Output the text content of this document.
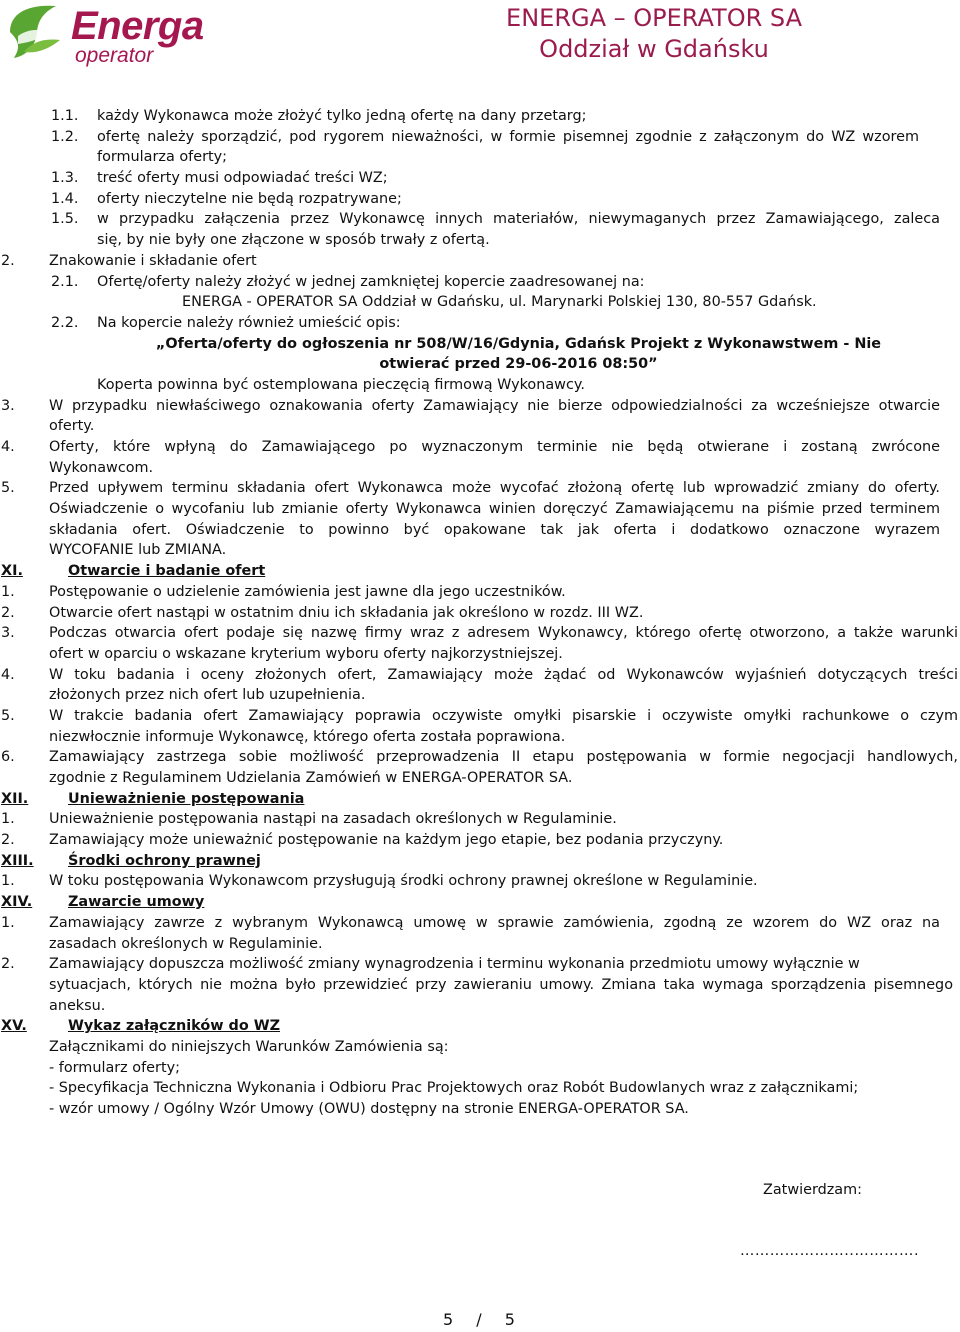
Energa
operator
ENERGA – OPERATOR SA
Oddział w Gdańsku
1.1. każdy Wykonawca może złożyć tylko jedną ofertę na dany przetarg;
1.2. ofertę należy sporządzić, pod rygorem nieważności, w formie pisemnej zgodnie z załączonym do WZ wzorem
formularza oferty;
1.3. treść oferty musi odpowiadać treści WZ;
1.4. oferty nieczytelne nie będą rozpatrywane;
1.5. w przypadku załączenia przez Wykonawcę innych materiałów, niewymaganych przez Zamawiającego, zaleca
się, by nie były one złączone w sposób trwały z ofertą.
2. Znakowanie i składanie ofert
2.1. Ofertę/oferty należy złożyć w jednej zamkniętej kopercie zaadresowanej na:
ENERGA - OPERATOR SA Oddział w Gdańsku, ul. Marynarki Polskiej 130, 80-557 Gdańsk.
2.2. Na kopercie należy również umieścić opis:
„Oferta/oferty do ogłoszenia nr 508/W/16/Gdynia, Gdańsk Projekt z Wykonawstwem - Nie
otwierać przed 29-06-2016 08:50”
Koperta powinna być ostemplowana pieczęcią firmową Wykonawcy.
3. W przypadku niewłaściwego oznakowania oferty Zamawiający nie bierze odpowiedzialności za wcześniejsze otwarcie
oferty.
4. Oferty, które wpłyną do Zamawiającego po wyznaczonym terminie nie będą otwierane i zostaną zwrócone
Wykonawcom.
5. Przed upływem terminu składania ofert Wykonawca może wycofać złożoną ofertę lub wprowadzić zmiany do oferty.
Oświadczenie o wycofaniu lub zmianie oferty Wykonawca winien doręczyć Zamawiającemu na piśmie przed terminem
składania ofert. Oświadczenie to powinno być opakowane tak jak oferta i dodatkowo oznaczone wyrazem
WYCOFANIE lub ZMIANA.
XI.	Otwarcie i badanie ofert
1. Postępowanie o udzielenie zamówienia jest jawne dla jego uczestników.
2. Otwarcie ofert nastąpi w ostatnim dniu ich składania jak określono w rozdz. III WZ.
3. Podczas otwarcia ofert podaje się nazwę firmy wraz z adresem Wykonawcy, którego ofertę otworzono, a także warunki
ofert w oparciu o wskazane kryterium wyboru oferty najkorzystniejszej.
4. W toku badania i oceny złożonych ofert, Zamawiający może żądać od Wykonawców wyjaśnień dotyczących treści
złożonych przez nich ofert lub uzupełnienia.
5. W trakcie badania ofert Zamawiający poprawia oczywiste omyłki pisarskie i oczywiste omyłki rachunkowe o czym
niezwłocznie informuje Wykonawcę, którego oferta została poprawiona.
6. Zamawiający zastrzega sobie możliwość przeprowadzenia II etapu postępowania w formie negocjacji handlowych,
zgodnie z Regulaminem Udzielania Zamówień w ENERGA-OPERATOR SA.
XII.	Unieważnienie postępowania
1. Unieważnienie postępowania nastąpi na zasadach określonych w Regulaminie.
2. Zamawiający może unieważnić postępowanie na każdym jego etapie, bez podania przyczyny.
XIII. Środki ochrony prawnej
1. W toku postępowania Wykonawcom przysługują środki ochrony prawnej określone w Regulaminie.
XIV. Zawarcie umowy
1. Zamawiający zawrze z wybranym Wykonawcą umowę w sprawie zamówienia, zgodną ze wzorem do WZ oraz na
zasadach określonych w Regulaminie.
2. Zamawiający dopuszcza możliwość zmiany wynagrodzenia i terminu wykonania przedmiotu umowy wyłącznie w
sytuacjach, których nie można było przewidzieć przy zawieraniu umowy. Zmiana taka wymaga sporządzenia pisemnego
aneksu.
XV.	Wykaz załączników do WZ
Załącznikami do niniejszych Warunków Zamówienia są:
- formularz oferty;
- Specyfikacja Techniczna Wykonania i Odbioru Prac Projektowych oraz Robót Budowlanych wraz z załącznikami;
- wzór umowy / Ogólny Wzór Umowy (OWU) dostępny na stronie ENERGA-OPERATOR SA.
Zatwierdzam:
…………………..………….
5 / 5
